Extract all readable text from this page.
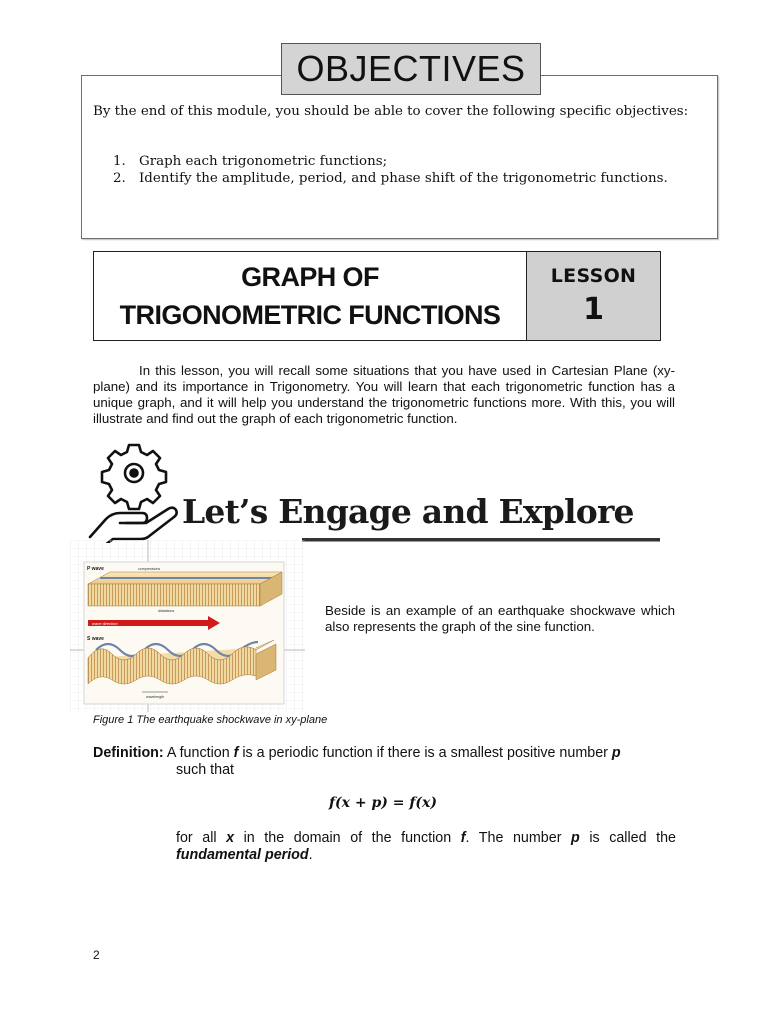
OBJECTIVES
By the end of this module, you should be able to cover the following specific objectives:
1. Graph each trigonometric functions;
2. Identify the amplitude, period, and phase shift of the trigonometric functions.
GRAPH OF
TRIGONOMETRIC FUNCTIONS
LESSON
1
In this lesson, you will recall some situations that you have used in Cartesian Plane (xy-plane) and its importance in Trigonometry. You will learn that each trigonometric function has a unique graph, and it will help you understand the trigonometric functions more. With this, you will illustrate and find out the graph of each trigonometric function.
Let’s Engage and Explore
P wave	compressions
dilatations
wave direction
S wave
wavelength
Figure 1 The earthquake shockwave in xy-plane
Beside is an example of an earthquake shockwave which also represents the graph of the sine function.
Definition: A function f is a periodic function if there is a smallest positive number p
such that
f(x + p) = f(x)
for all x in the domain of the function f. The number p is called the
fundamental period.
2
